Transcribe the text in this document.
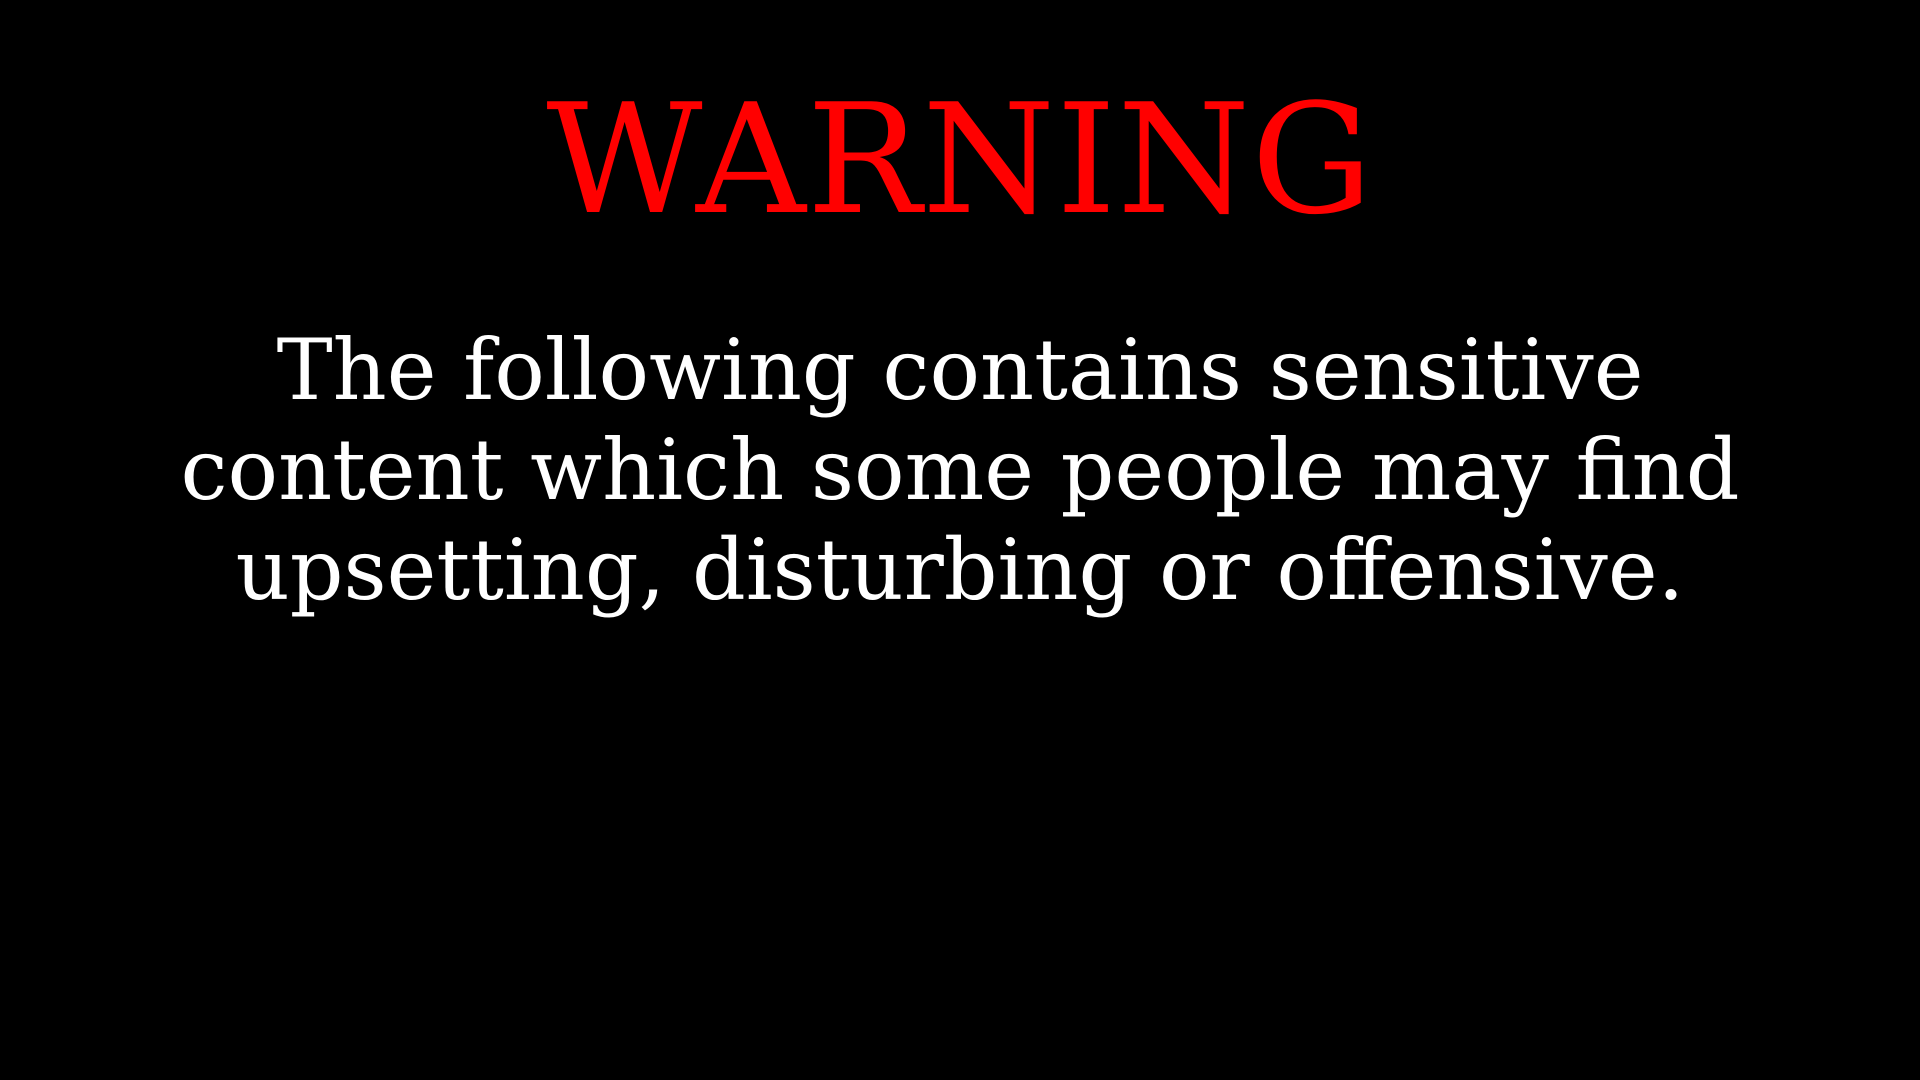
WARNING

The following contains sensitive
content which some people may find
upsetting, disturbing or offensive.
